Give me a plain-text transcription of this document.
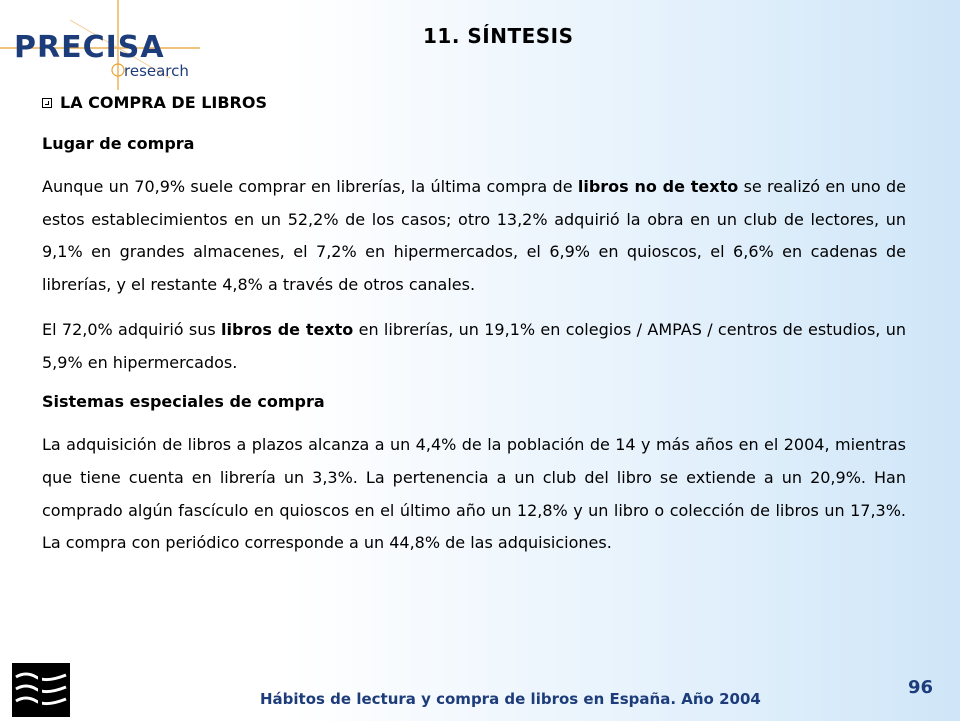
PRECISA
research
11. SÍNTESIS
LA COMPRA DE LIBROS
Lugar de compra

Aunque un 70,9% suele comprar en librerías, la última compra de libros no de texto se realizó en uno de estos establecimientos en un 52,2% de los casos; otro 13,2% adquirió la obra en un club de lectores, un 9,1% en grandes almacenes, el 7,2% en hipermercados, el 6,9% en quioscos, el 6,6% en cadenas de librerías, y el restante 4,8% a través de otros canales.

El 72,0% adquirió sus libros de texto en librerías, un 19,1% en colegios / AMPAS / centros de estudios, un 5,9% en hipermercados.

Sistemas especiales de compra

La adquisición de libros a plazos alcanza a un 4,4% de la población de 14 y más años en el 2004, mientras que tiene cuenta en librería un 3,3%. La pertenencia a un club del libro se extiende a un 20,9%. Han comprado algún fascículo en quioscos en el último año un 12,8% y un libro o colección de libros un 17,3%. La compra con periódico corresponde a un 44,8% de las adquisiciones.

Hábitos de lectura y compra de libros en España. Año 2004
96
